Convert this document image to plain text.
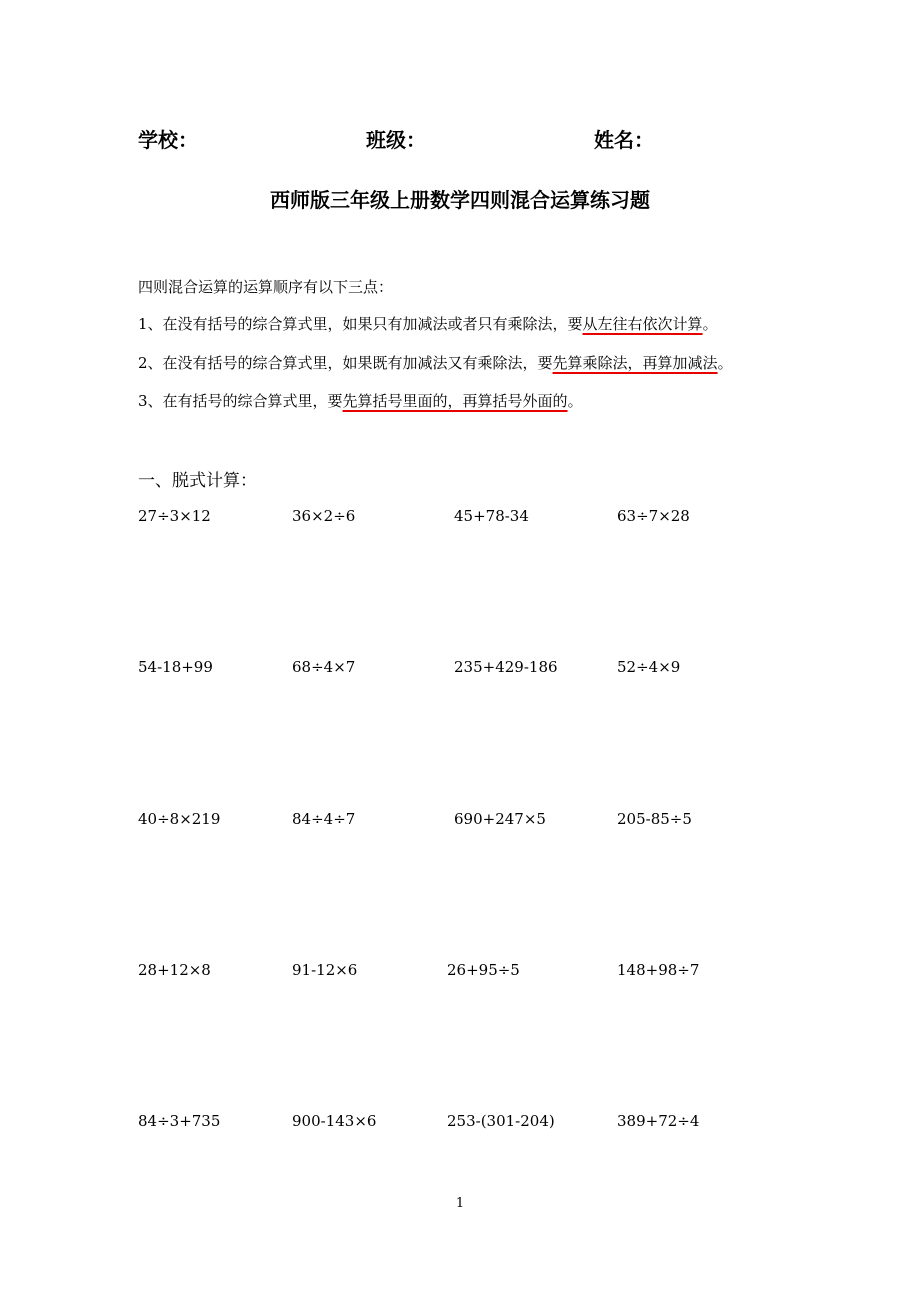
学校：	班级：	姓名：
西师版三年级上册数学四则混合运算练习题
四则混合运算的运算顺序有以下三点：
1、在没有括号的综合算式里，如果只有加减法或者只有乘除法，要从左往右依次计算。
2、在没有括号的综合算式里，如果既有加减法又有乘除法，要先算乘除法，再算加减法。
3、在有括号的综合算式里，要先算括号里面的，再算括号外面的。
一、脱式计算：
27÷3×12	36×2÷6	45+78-34	63÷7×28
54-18+99	68÷4×7	235+429-186	52÷4×9
40÷8×219	84÷4÷7	690+247×5	205-85÷5
28+12×8	91-12×6	26+95÷5	148+98÷7
84÷3+735	900-143×6	253-(301-204)	389+72÷4
1
